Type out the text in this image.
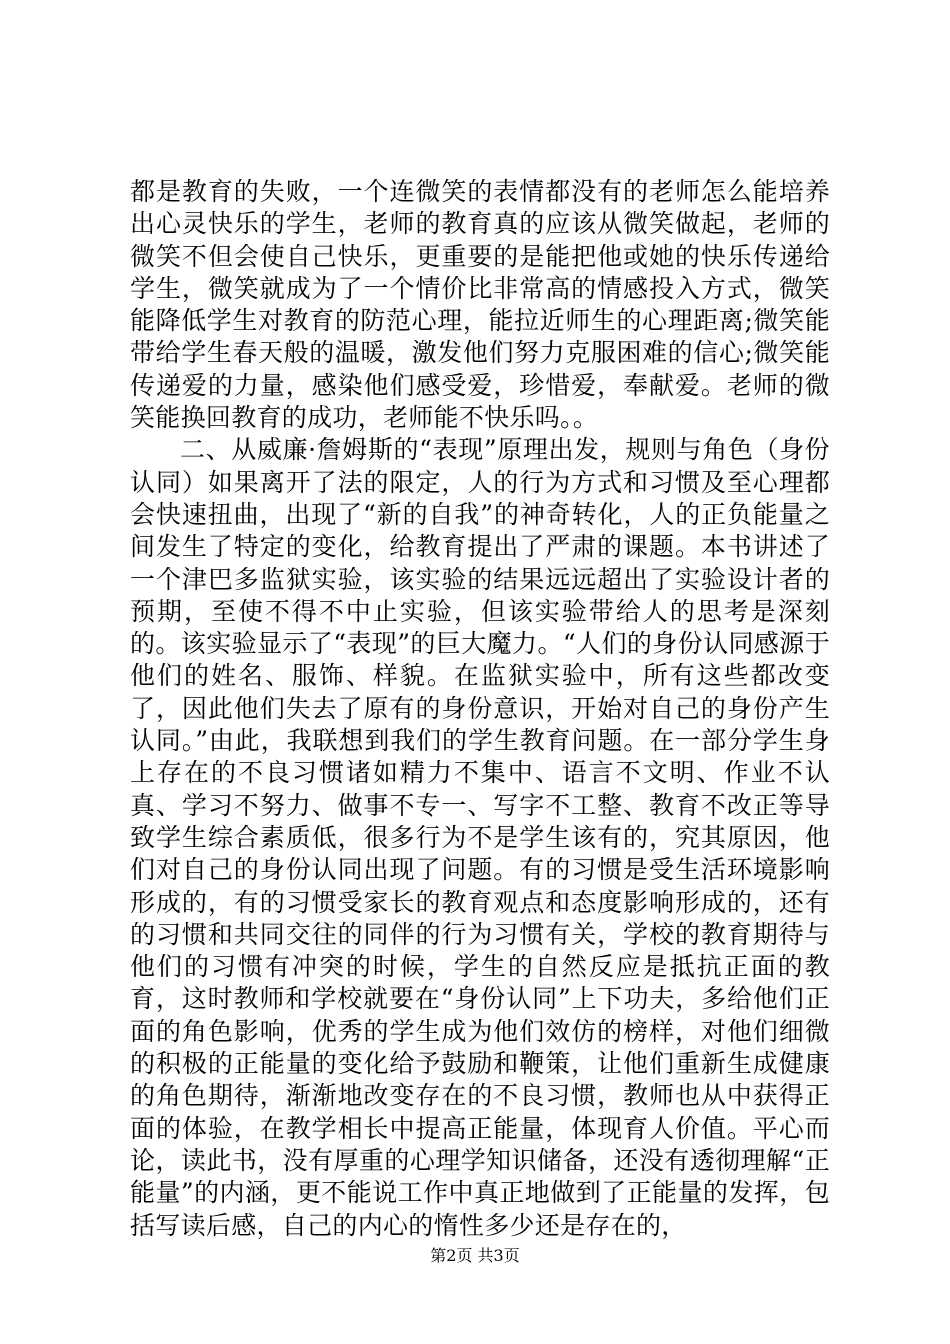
都是教育的失败，一个连微笑的表情都没有的老师怎么能培养出心灵快乐的学生，老师的教育真的应该从微笑做起，老师的微笑不但会使自己快乐，更重要的是能把他或她的快乐传递给学生，微笑就成为了一个情价比非常高的情感投入方式，微笑能降低学生对教育的防范心理，能拉近师生的心理距离;微笑能带给学生春天般的温暖，激发他们努力克服困难的信心;微笑能传递爱的力量，感染他们感受爱，珍惜爱，奉献爱。老师的微笑能换回教育的成功，老师能不快乐吗。。

二、从威廉·詹姆斯的“表现”原理出发，规则与角色（身份认同）如果离开了法的限定，人的行为方式和习惯及至心理都会快速扭曲，出现了“新的自我”的神奇转化，人的正负能量之间发生了特定的变化，给教育提出了严肃的课题。本书讲述了一个津巴多监狱实验，该实验的结果远远超出了实验设计者的预期，至使不得不中止实验，但该实验带给人的思考是深刻的。该实验显示了“表现”的巨大魔力。“人们的身份认同感源于他们的姓名、服饰、样貌。在监狱实验中，所有这些都改变了，因此他们失去了原有的身份意识，开始对自己的身份产生认同。”由此，我联想到我们的学生教育问题。在一部分学生身上存在的不良习惯诸如精力不集中、语言不文明、作业不认真、学习不努力、做事不专一、写字不工整、教育不改正等导致学生综合素质低，很多行为不是学生该有的，究其原因，他们对自己的身份认同出现了问题。有的习惯是受生活环境影响形成的，有的习惯受家长的教育观点和态度影响形成的，还有的习惯和共同交往的同伴的行为习惯有关，学校的教育期待与他们的习惯有冲突的时候，学生的自然反应是抵抗正面的教育，这时教师和学校就要在“身份认同”上下功夫，多给他们正面的角色影响，优秀的学生成为他们效仿的榜样，对他们细微的积极的正能量的变化给予鼓励和鞭策，让他们重新生成健康的角色期待，渐渐地改变存在的不良习惯，教师也从中获得正面的体验，在教学相长中提高正能量，体现育人价值。平心而论，读此书，没有厚重的心理学知识储备，还没有透彻理解“正能量”的内涵，更不能说工作中真正地做到了正能量的发挥，包括写读后感，自己的内心的惰性多少还是存在的，

第2页 共3页
